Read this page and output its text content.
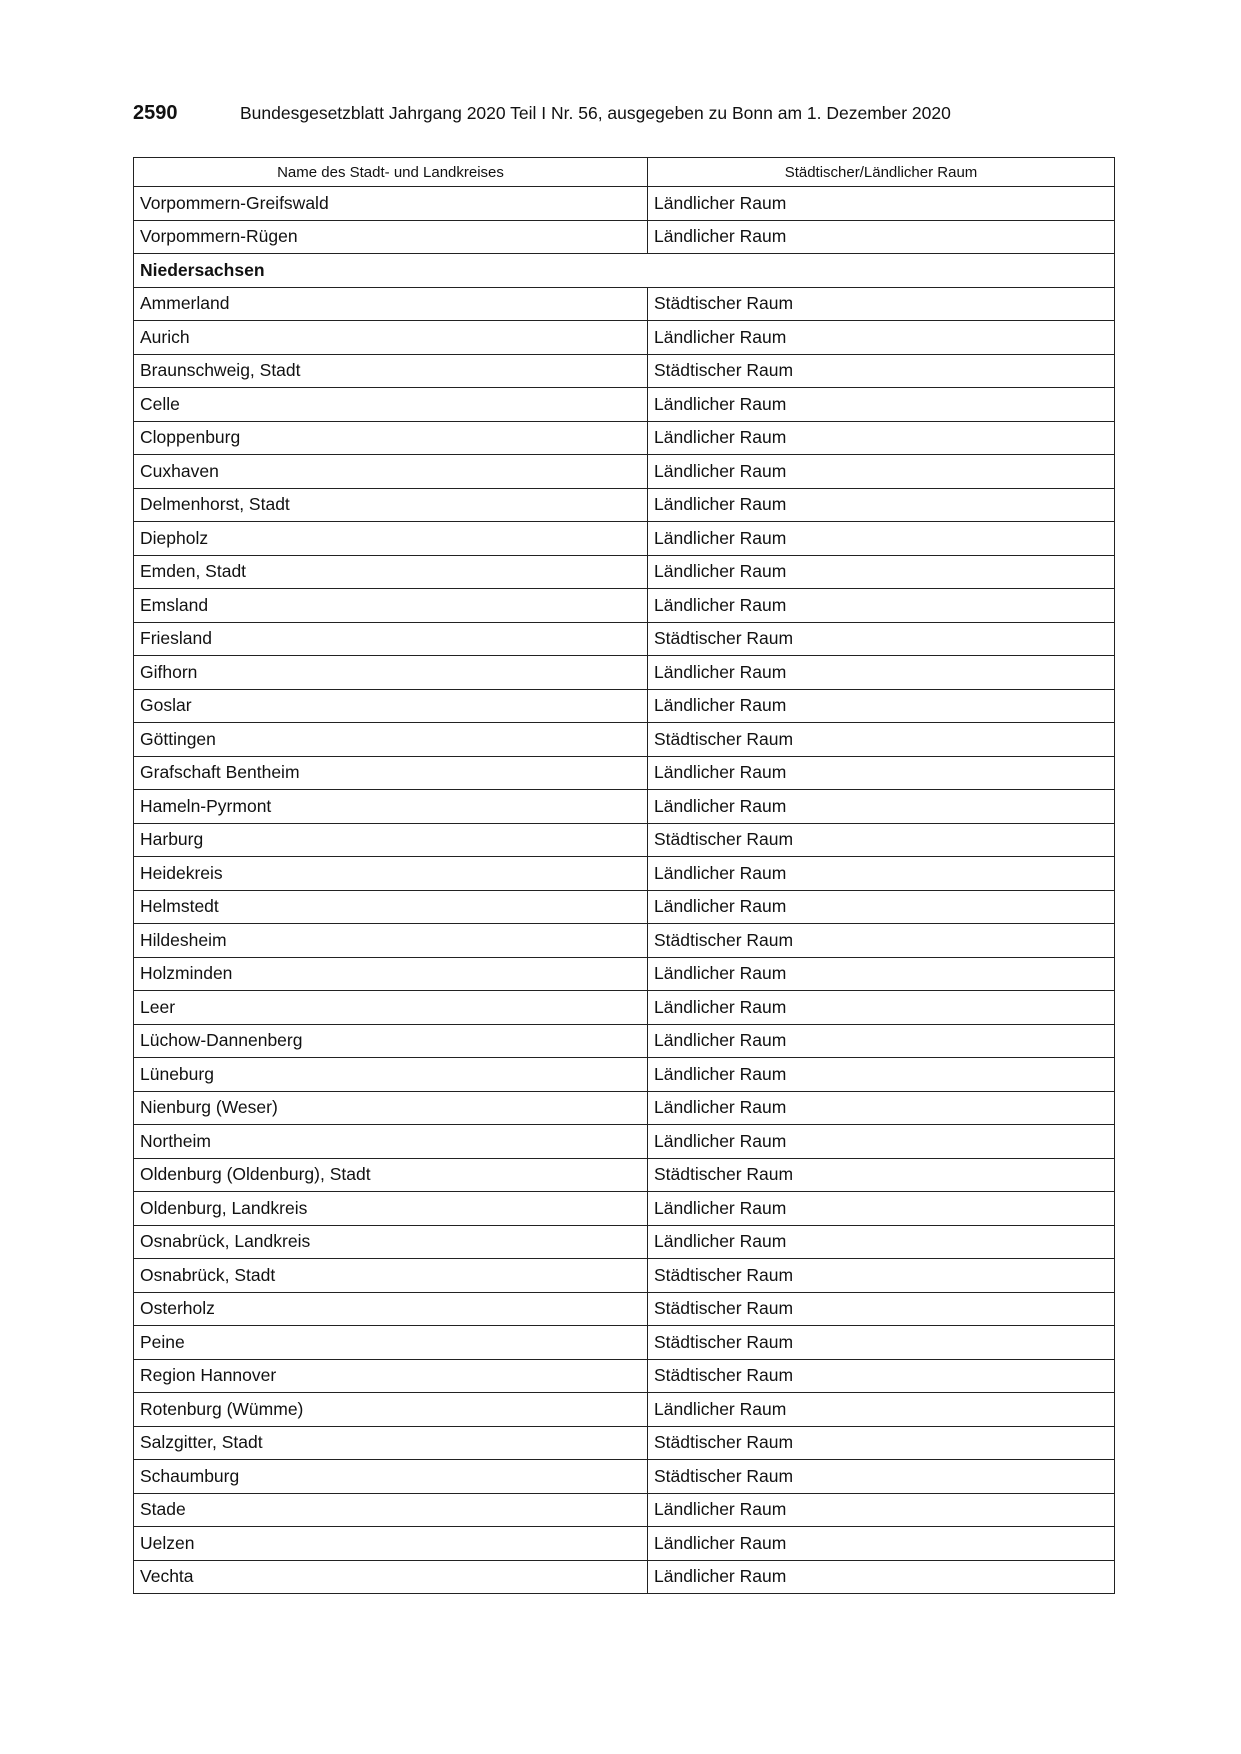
2590	Bundesgesetzblatt Jahrgang 2020 Teil I Nr. 56, ausgegeben zu Bonn am 1. Dezember 2020
Name des Stadt- und Landkreises	Städtischer/Ländlicher Raum
Vorpommern-Greifswald	Ländlicher Raum
Vorpommern-Rügen	Ländlicher Raum
Niedersachsen	
Ammerland	Städtischer Raum
Aurich	Ländlicher Raum
Braunschweig, Stadt	Städtischer Raum
Celle	Ländlicher Raum
Cloppenburg	Ländlicher Raum
Cuxhaven	Ländlicher Raum
Delmenhorst, Stadt	Ländlicher Raum
Diepholz	Ländlicher Raum
Emden, Stadt	Ländlicher Raum
Emsland	Ländlicher Raum
Friesland	Städtischer Raum
Gifhorn	Ländlicher Raum
Goslar	Ländlicher Raum
Göttingen	Städtischer Raum
Grafschaft Bentheim	Ländlicher Raum
Hameln-Pyrmont	Ländlicher Raum
Harburg	Städtischer Raum
Heidekreis	Ländlicher Raum
Helmstedt	Ländlicher Raum
Hildesheim	Städtischer Raum
Holzminden	Ländlicher Raum
Leer	Ländlicher Raum
Lüchow-Dannenberg	Ländlicher Raum
Lüneburg	Ländlicher Raum
Nienburg (Weser)	Ländlicher Raum
Northeim	Ländlicher Raum
Oldenburg (Oldenburg), Stadt	Städtischer Raum
Oldenburg, Landkreis	Ländlicher Raum
Osnabrück, Landkreis	Ländlicher Raum
Osnabrück, Stadt	Städtischer Raum
Osterholz	Städtischer Raum
Peine	Städtischer Raum
Region Hannover	Städtischer Raum
Rotenburg (Wümme)	Ländlicher Raum
Salzgitter, Stadt	Städtischer Raum
Schaumburg	Städtischer Raum
Stade	Ländlicher Raum
Uelzen	Ländlicher Raum
Vechta	Ländlicher Raum
